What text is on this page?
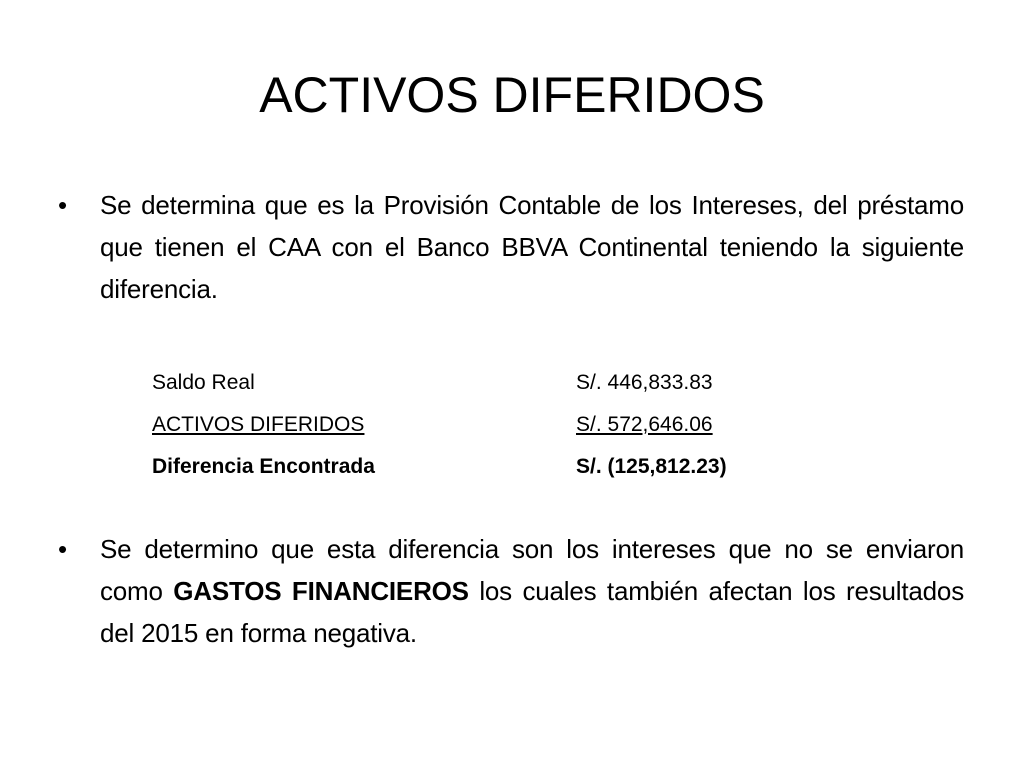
ACTIVOS DIFERIDOS
•	Se determina que es la Provisión Contable de los Intereses, del préstamo que tienen el CAA con el Banco BBVA Continental teniendo la siguiente diferencia.
Saldo Real	S/. 446,833.83
ACTIVOS DIFERIDOS	S/. 572,646.06
Diferencia Encontrada	S/. (125,812.23)
•	Se determino que esta diferencia son los intereses que no se enviaron como GASTOS FINANCIEROS los cuales también afectan los resultados del 2015 en forma negativa.
